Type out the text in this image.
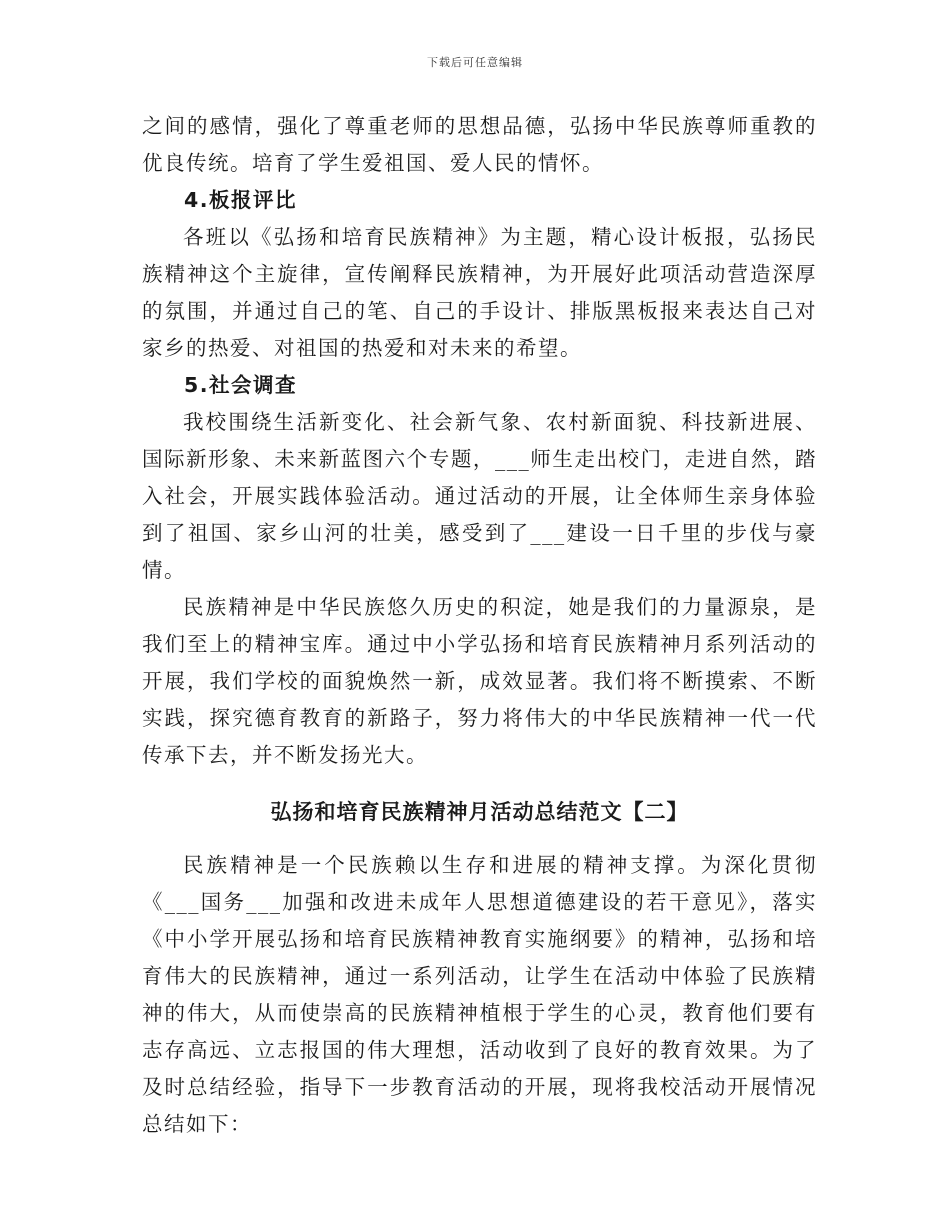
下载后可任意编辑

之间的感情，强化了尊重老师的思想品德，弘扬中华民族尊师重教的优良传统。培育了学生爱祖国、爱人民的情怀。

4.板报评比

各班以《弘扬和培育民族精神》为主题，精心设计板报，弘扬民族精神这个主旋律，宣传阐释民族精神，为开展好此项活动营造深厚的氛围，并通过自己的笔、自己的手设计、排版黑板报来表达自己对家乡的热爱、对祖国的热爱和对未来的希望。

5.社会调查

我校围绕生活新变化、社会新气象、农村新面貌、科技新进展、国际新形象、未来新蓝图六个专题，___师生走出校门，走进自然，踏入社会，开展实践体验活动。通过活动的开展，让全体师生亲身体验到了祖国、家乡山河的壮美，感受到了___建设一日千里的步伐与豪情。

民族精神是中华民族悠久历史的积淀，她是我们的力量源泉，是我们至上的精神宝库。通过中小学弘扬和培育民族精神月系列活动的开展，我们学校的面貌焕然一新，成效显著。我们将不断摸索、不断实践，探究德育教育的新路子，努力将伟大的中华民族精神一代一代传承下去，并不断发扬光大。

弘扬和培育民族精神月活动总结范文【二】

民族精神是一个民族赖以生存和进展的精神支撑。为深化贯彻《___国务___加强和改进未成年人思想道德建设的若干意见》，落实《中小学开展弘扬和培育民族精神教育实施纲要》的精神，弘扬和培育伟大的民族精神，通过一系列活动，让学生在活动中体验了民族精神的伟大，从而使崇高的民族精神植根于学生的心灵，教育他们要有志存高远、立志报国的伟大理想，活动收到了良好的教育效果。为了及时总结经验，指导下一步教育活动的开展，现将我校活动开展情况总结如下：
